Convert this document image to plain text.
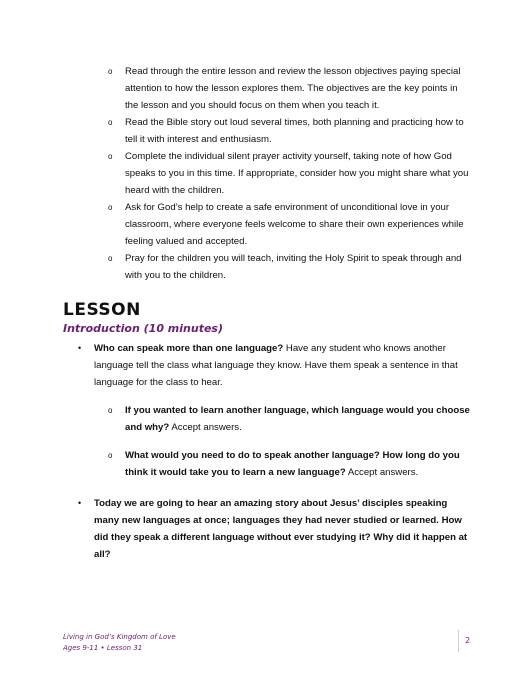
o Read through the entire lesson and review the lesson objectives paying special attention to how the lesson explores them. The objectives are the key points in the lesson and you should focus on them when you teach it.
o Read the Bible story out loud several times, both planning and practicing how to tell it with interest and enthusiasm.
o Complete the individual silent prayer activity yourself, taking note of how God speaks to you in this time. If appropriate, consider how you might share what you heard with the children.
o Ask for God’s help to create a safe environment of unconditional love in your classroom, where everyone feels welcome to share their own experiences while feeling valued and accepted.
o Pray for the children you will teach, inviting the Holy Spirit to speak through and with you to the children.
LESSON
Introduction (10 minutes)
•	Who can speak more than one language? Have any student who knows another language tell the class what language they know. Have them speak a sentence in that language for the class to hear.
o	If you wanted to learn another language, which language would you choose and why? Accept answers.
o	What would you need to do to speak another language? How long do you think it would take you to learn a new language? Accept answers.
•	Today we are going to hear an amazing story about Jesus’ disciples speaking many new languages at once; languages they had never studied or learned. How did they speak a different language without ever studying it? Why did it happen at all?
Living in God’s Kingdom of Love
Ages 9-11 • Lesson 31
2
